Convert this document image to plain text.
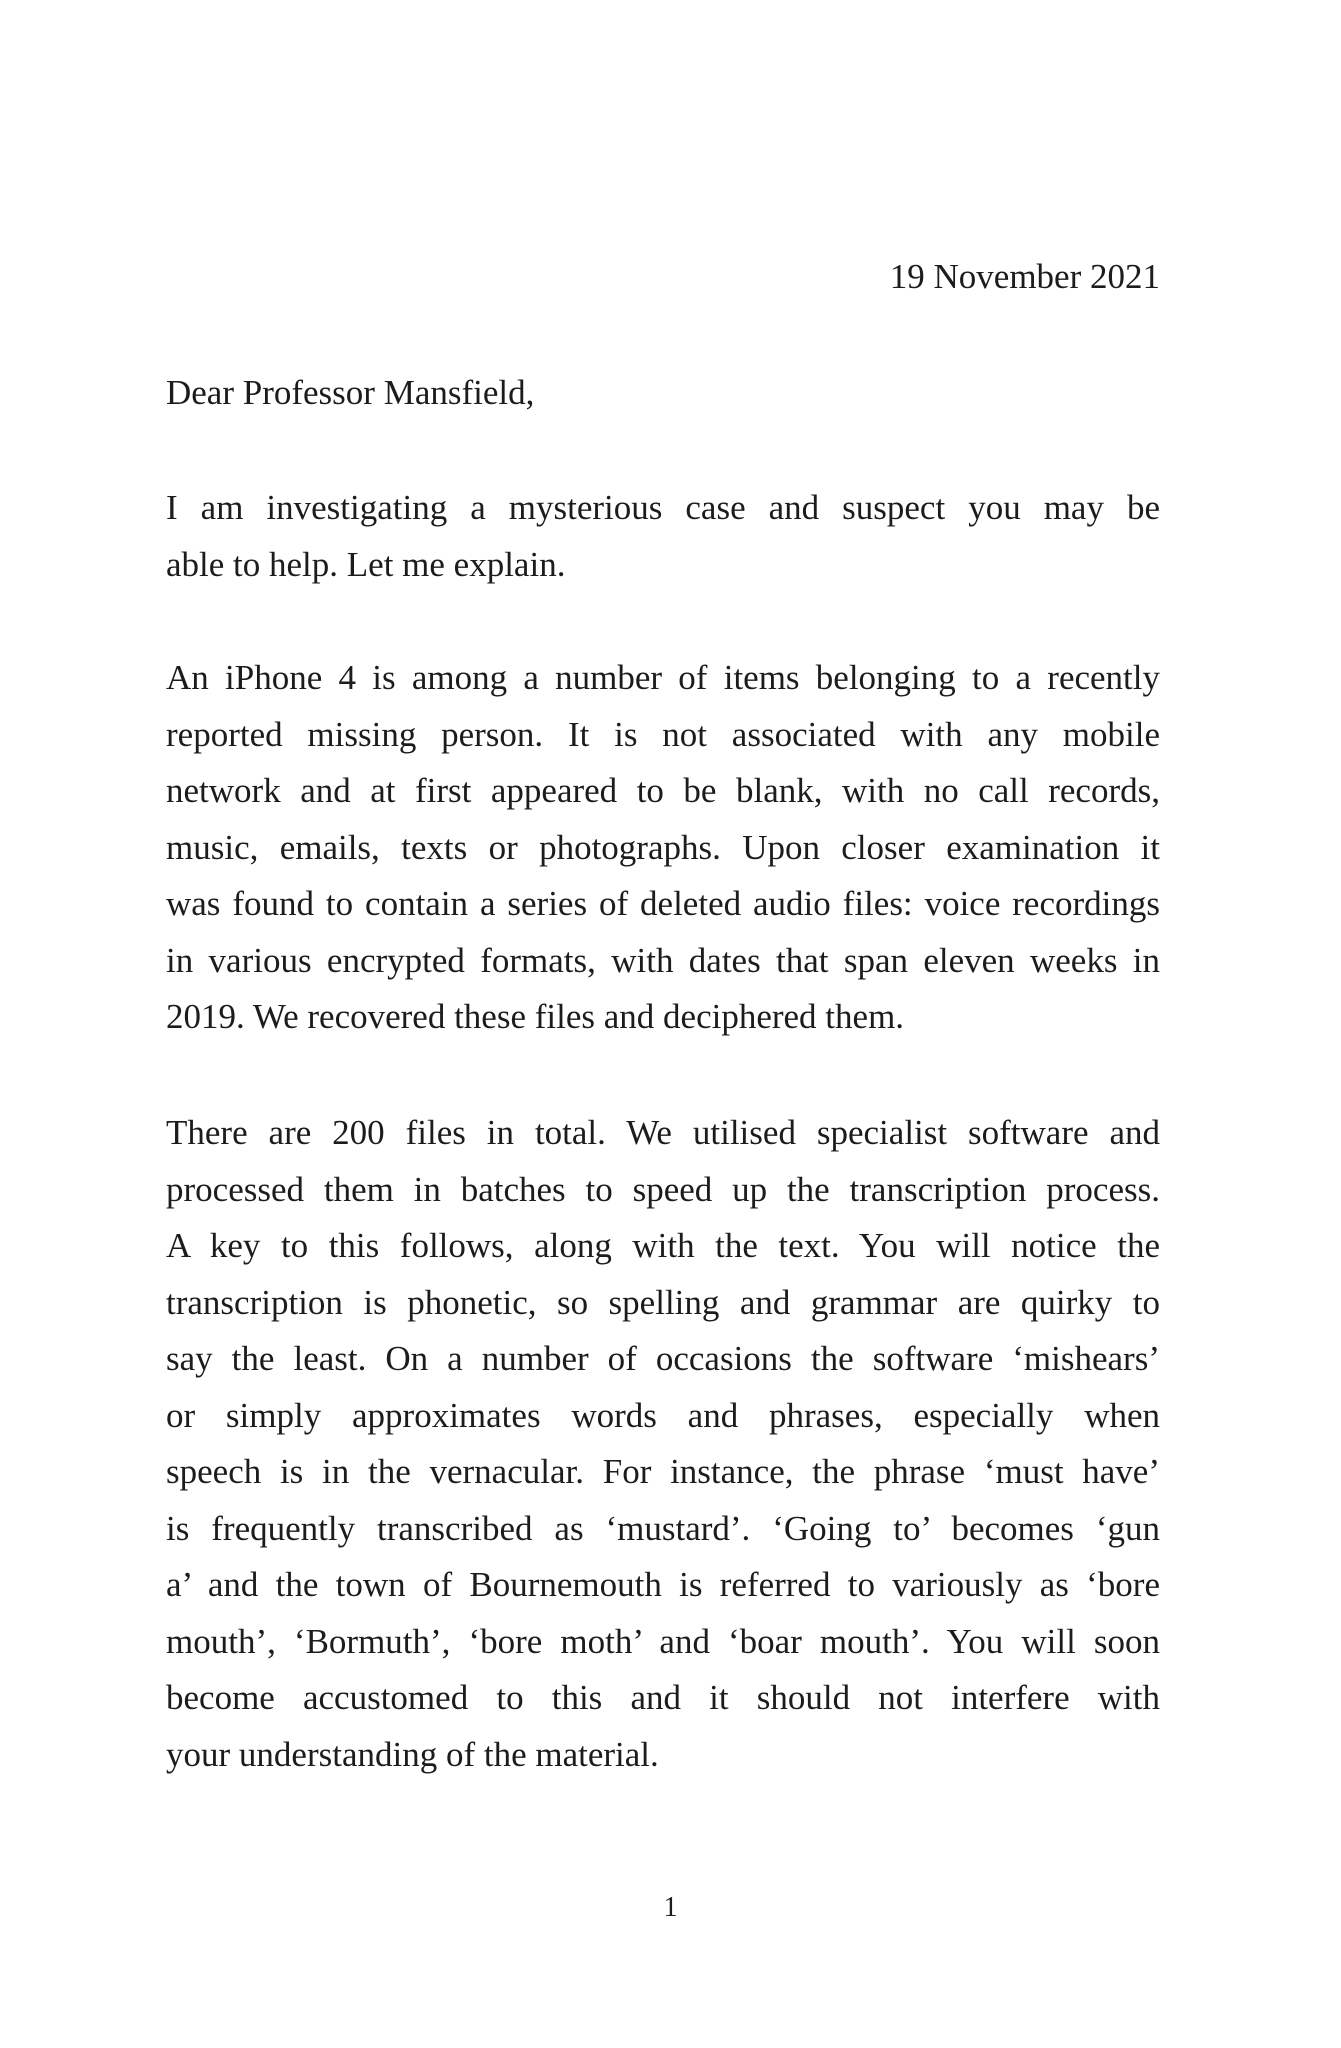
19 November 2021
Dear Professor Mansfield,
I am investigating a mysterious case and suspect you may be
able to help. Let me explain.
An iPhone 4 is among a number of items belonging to a recently
reported missing person. It is not associated with any mobile
network and at first appeared to be blank, with no call records,
music, emails, texts or photographs. Upon closer examination it
was found to contain a series of deleted audio files: voice recordings
in various encrypted formats, with dates that span eleven weeks in
2019. We recovered these files and deciphered them.
There are 200 files in total. We utilised specialist software and
processed them in batches to speed up the transcription process.
A key to this follows, along with the text. You will notice the
transcription is phonetic, so spelling and grammar are quirky to
say the least. On a number of occasions the software ‘mishears’
or simply approximates words and phrases, especially when
speech is in the vernacular. For instance, the phrase ‘must have’
is frequently transcribed as ‘mustard’. ‘Going to’ becomes ‘gun
a’ and the town of Bournemouth is referred to variously as ‘bore
mouth’, ‘Bormuth’, ‘bore moth’ and ‘boar mouth’. You will soon
become accustomed to this and it should not interfere with
your understanding of the material.
1
